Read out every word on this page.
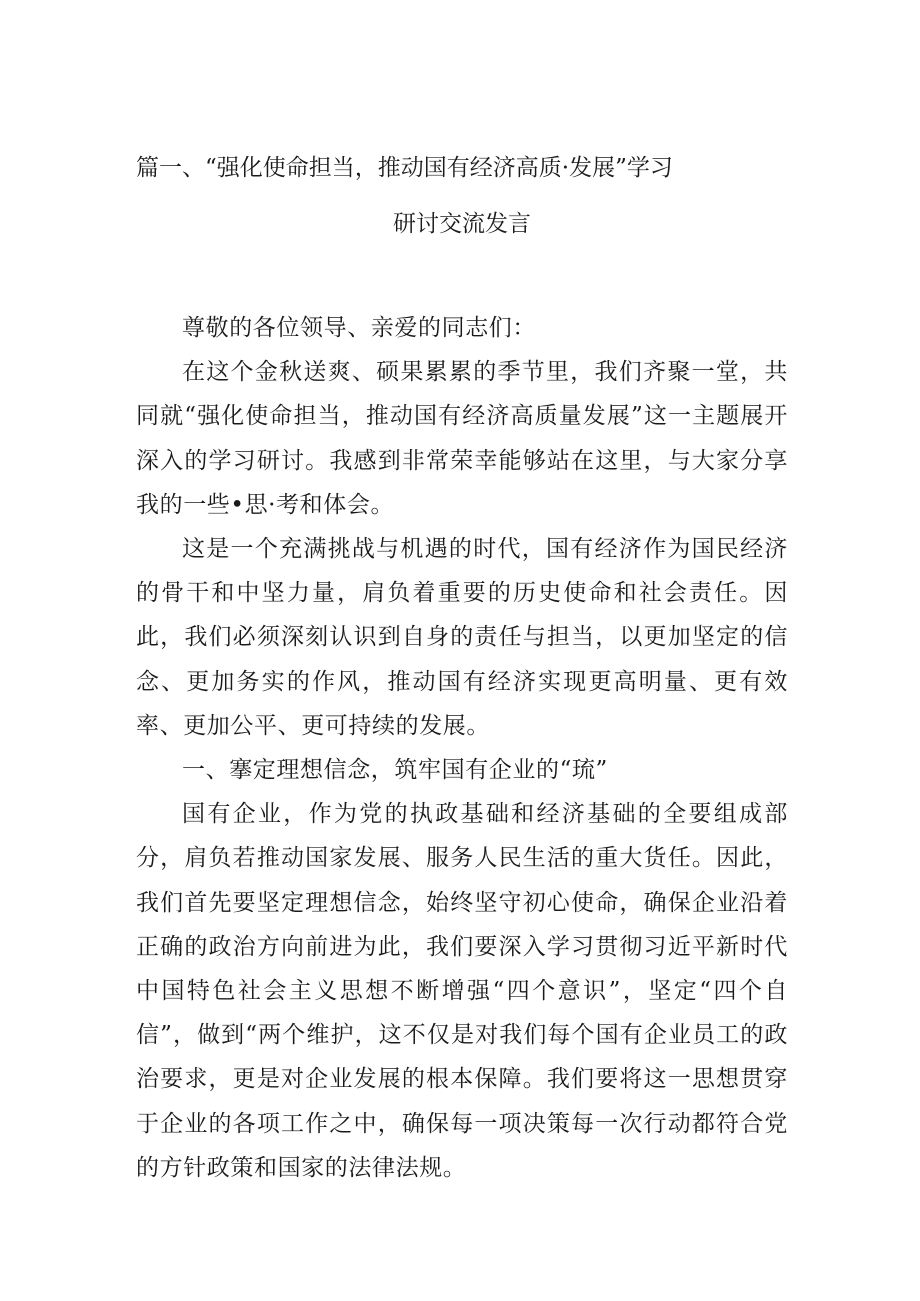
篇一、“强化使命担当，推动国有经济高质·发展”学习
研讨交流发言

尊敬的各位领导、亲爱的同志们：

在这个金秋送爽、硕果累累的季节里，我们齐聚一堂，共同就“强化使命担当，推动国有经济高质量发展”这一主题展开深入的学习研讨。我感到非常荣幸能够站在这里，与大家分享我的一些•思·考和体会。

这是一个充满挑战与机遇的时代，国有经济作为国民经济的骨干和中坚力量，肩负着重要的历史使命和社会责任。因此，我们必须深刻认识到自身的责任与担当，以更加坚定的信念、更加务实的作风，推动国有经济实现更高明量、更有效率、更加公平、更可持续的发展。

一、搴定理想信念，筑牢国有企业的“琉”

国有企业，作为党的执政基础和经济基础的全要组成部分，肩负若推动国家发展、服务人民生活的重大货任。因此，我们首先要坚定理想信念，始终坚守初心使命，确保企业沿着正确的政治方向前进为此，我们要深入学习贯彻习近平新时代中国特色社会主义思想不断增强“四个意识”，坚定“四个自信”，做到“两个维护，这不仅是对我们每个国有企业员工的政治要求，更是对企业发展的根本保障。我们要将这一思想贯穿于企业的各项工作之中，确保每一项决策每一次行动都符合党的方针政策和国家的法律法规。
